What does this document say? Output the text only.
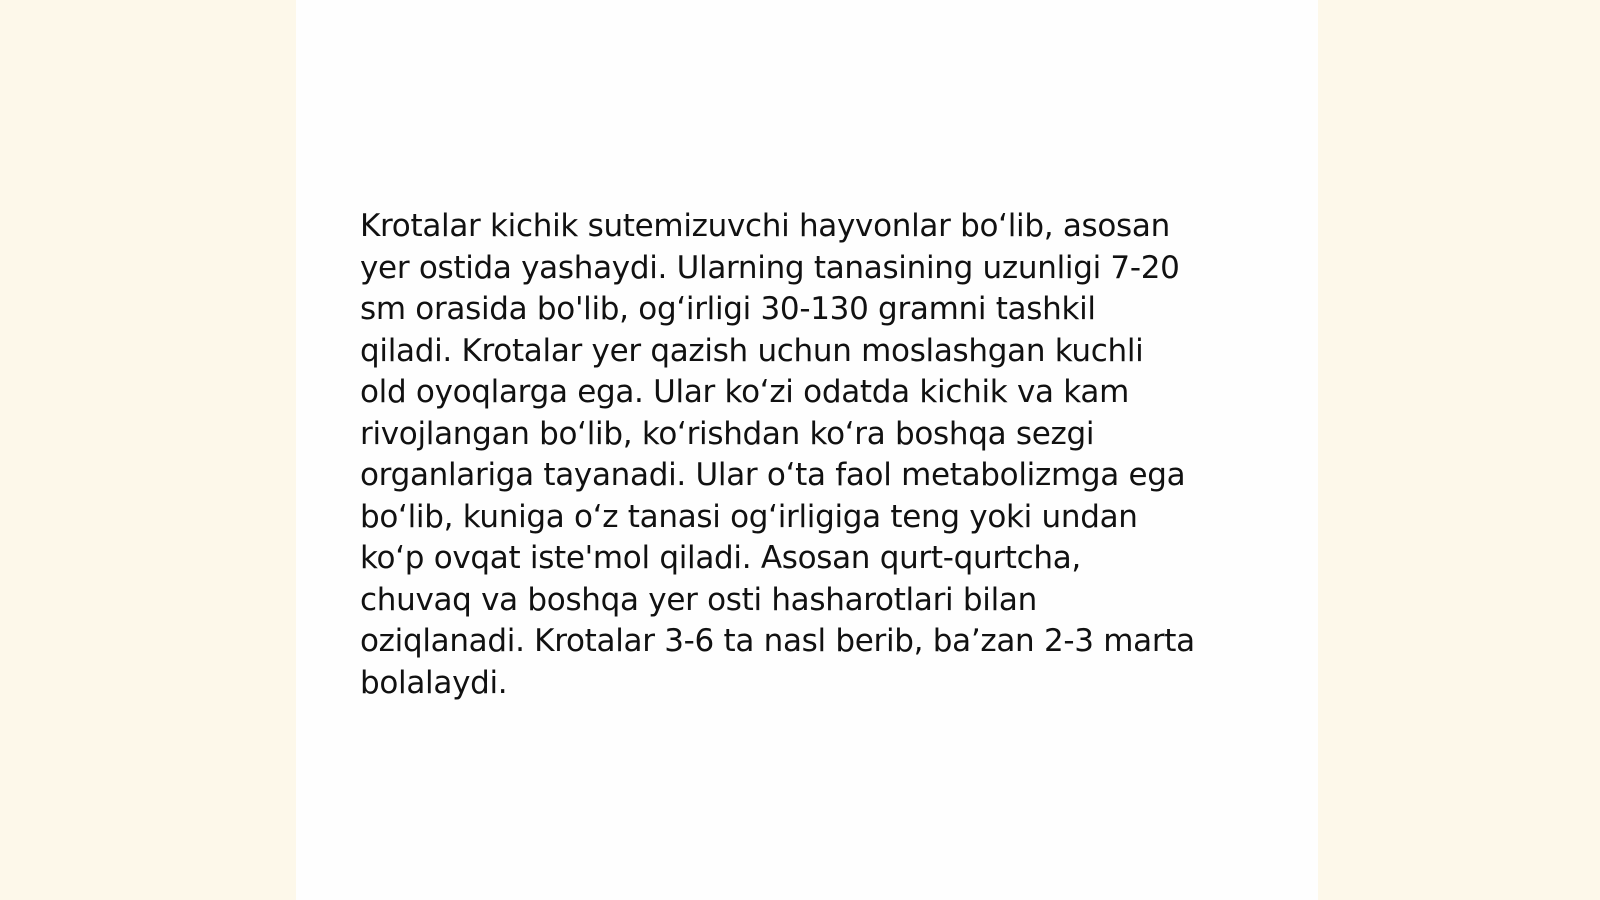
Krotalar kichik sutemizuvchi hayvonlar bo‘lib, asosan
yer ostida yashaydi. Ularning tanasining uzunligi 7-20
sm orasida bo'lib, og‘irligi 30-130 gramni tashkil
qiladi. Krotalar yer qazish uchun moslashgan kuchli
old oyoqlarga ega. Ular ko‘zi odatda kichik va kam
rivojlangan bo‘lib, ko‘rishdan ko‘ra boshqa sezgi
organlariga tayanadi. Ular o‘ta faol metabolizmga ega
bo‘lib, kuniga o‘z tanasi og‘irligiga teng yoki undan
ko‘p ovqat iste'mol qiladi. Asosan qurt-qurtcha,
chuvaq va boshqa yer osti hasharotlari bilan
oziqlanadi. Krotalar 3-6 ta nasl berib, ba’zan 2-3 marta
bolalaydi.
